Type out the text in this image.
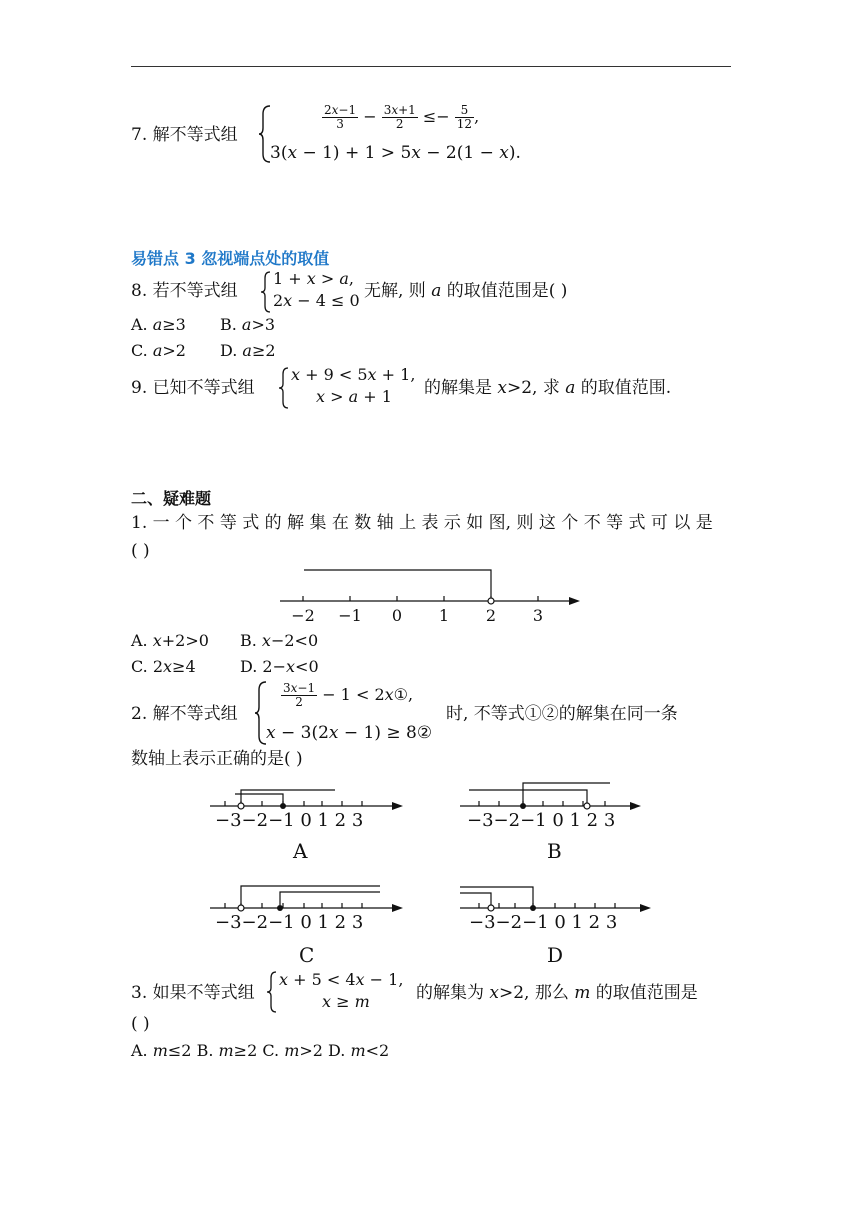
7. 解不等式组
$\frac{\text{2𝑥−1}}{3} - \frac{\text{3𝑥+1}}{2} \le- \frac{5}{12}$ ,
3(𝑥 − 1) + 1 > 5𝑥 − 2(1 − 𝑥).
易错点 3 忽视端点处的取值
8. 若不等式组
1 + 𝑥 > 𝑎,
2𝑥 − 4 ≤ 0 无解, 则 𝑎 的取值范围是( )
A. 𝑎≥3 B. 𝑎>3
C. 𝑎>2 D. 𝑎≥2
9. 已知不等式组
𝑥 + 9 < 5𝑥 + 1,
𝑥 > 𝑎 + 1 的解集是 𝑥>2, 求 𝑎 的取值范围.
二、疑难题
1. 一 个 不 等 式 的 解 集 在 数 轴 上 表 示 如 图, 则 这 个 不 等 式 可 以 是
( )
−2 −1 0 1 2 3
A. 𝑥+2>0 B. 𝑥−2<0
C. 2𝑥≥4	D. 2−𝑥<0
2. 解不等式组
$\frac{\text{3𝑥−1}}{2} - 1$ < 2𝑥①,
𝑥 − 3(2𝑥 − 1) ≥ 8②
时, 不等式①②的解集在同一条
数轴上表示正确的是( )
−3−2−1 0 1 2 3
A
−3−2−1 0 1 2 3
B
−3−2−1 0 1 2 3
C
−3−2−1 0 1 2 3
D
3. 如果不等式组
𝑥 + 5 < 4𝑥 − 1,
𝑥 ≥ 𝑚	的解集为 𝑥>2, 那么 𝑚 的取值范围是
( )
A. 𝑚≤2 B. 𝑚≥2 C. 𝑚>2 D. 𝑚<2
